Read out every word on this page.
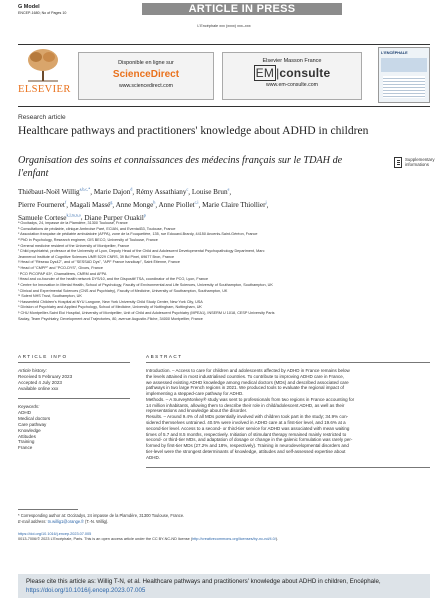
G Model
ENCEP-1680; No of Pages 10	ARTICLE IN PRESS
L'Encéphale xxx (xxxx) xxx–xxx
ELSEVIER
Disponible en ligne sur
ScienceDirect
www.sciencedirect.com
Elsevier Masson France
EM |consulte
www.em-consulte.com
L'ENCÉPHALE
Research article
Healthcare pathways and practitioners' knowledge about ADHD in children
Organisation des soins et connaissances des médecins français sur le TDAH de l'enfant
Supplementary
informations
Thiébaut-Noël Willig$^{a,b,c,*}$, Marie Dajon$^d$, Rémy Assathiany$^c$, Louise Brun$^e$,
Pierre Fourneret$^f$, Magali Massé$^g$, Anne Monge$^h$, Anne Piollet$^{c,i}$, Marie Claire Thiollier$^j$,
Samuele Cortese$^{k,l,m,n,o}$, Diane Purper Ouakil$^p$
ᵃ Occitadys, 24, impasse de la Plamdère, 31300 Toulouse, France
ᵇ Consultations de pédiatrie, clinique Ambroise Paré, ECIAN, and Eventail33, Toulouse, France
ᶜ Association française de pédiatrie ambulatoire (AFPA), zone de la Fouquetière, 135, rue Edouard-Brardy, 44150 Ancenis-Saint-Géréon, France
ᵈ PhD in Psychology, Research engineer, GIS BECO, University of Toulouse, France
ᵉ General medicine resident of the University of Montpellier, France
ᶠ Child psychiatrist, professor at the University of Lyon, Deputy Head of the Child and Adolescent Developmental Psychopathology Department, Marc
Jeannerod Institute of Cognitive Sciences UMR 5229 CNRS, 39 Bd Pinel, 69677 Bron, France
ᵍ Head of "Réseau Dys42", and of "SESSAD Dys", "APF France handicap", Saint Étienne, France
ʰ Head of "CMPP" and "PCO-DYS", Givors, France
ⁱ PCO PICOPAP 63*, Chamalières, CMRM and AFPA
ʲ Head and co-founder of the health network DYS/10, and the Dispositif TSA, coordinator of the PCO, Lyon, France
ᵏ Centre for Innovation in Mental Health, School of Psychology, Faculty of Environmental and Life Sciences, University of Southampton, Southampton, UK
ˡ Clinical and Experimental Sciences (CNS and Psychiatry), Faculty of Medicine, University of Southampton, Southampton, UK
ᵐ Solent NHS Trust, Southampton, UK
ⁿ Hassenfeld Children's Hospital at NYU Langone, New York University Child Study Center, New York City, USA
ᵒ Division of Psychiatry and Applied Psychology, School of Medicine, University of Nottingham, Nottingham, UK
ᵖ CHU Montpellier-Saint Eloi Hospital, University of Montpellier, Unit of Child and Adolescent Psychiatry (MPEA1), INSERM U 1018, CESP University Paris
Saclay, Team Psychiatry, Development and Trajectories, 80, avenue Augustin-Fliche, 34000 Montpellier, France
ARTICLE INFO	ABSTRACT
Article history:
Received 5 February 2023
Accepted 4 July 2023
Available online xxx
Keywords:
ADHD
Medical doctors
Care pathway
Knowledge
Attitudes
Training
France
Introduction. – Access to care for children and adolescents affected by ADHD in France remains below
the levels attained in most industrialised countries. To contribute to improving ADHD care in France,
we assessed existing ADHD knowledge among medical doctors (MDs) and described associated care
pathways in two large French regions in 2021. We produced tools to evaluate the regional impact of
implementing a stepped-care pathway for ADHD.
Methods. – A SurveyMonkey® study was sent to professionals from two regions in France accounting for
14 million inhabitants, allowing them to describe their role in child/adolescent ADHD, as well as their
representations and knowledge about the disorder.
Results. – Around 9.4% of all MDs potentially involved with children took part in the study; 34.9% con-
sidered themselves untrained. 40.5% were involved in ADHD care at a first-tier level, and 19.6% at a
second-tier level. Access to a second- or third-tier service for ADHD was associated with mean waiting
times of 5.7 and 8.5 months, respectively. Initiation of stimulant therapy remained mainly restricted to
second- or third-tier MDs, and adaptation of dosage or change in the galenic formulation was rarely per-
formed by first-tier MDs (27.2% and 18%, respectively). Training in neurodevelopmental disorders and
tier-level were the strongest determinants of knowledge, attitudes and self-assessed expertise about
ADHD.
* Corresponding author at: Occitadys, 24 impasse de la Plamdère, 31300 Toulouse, France.
E-mail address: tn.willig1@orange.fr (T.-N. Willig).
https://doi.org/10.1016/j.encep.2023.07.005
0013-7006/© 2023 L'Encéphale, Paris. This is an open access article under the CC BY-NC-ND license (http://creativecommons.org/licenses/by-nc-nd/4.0/).
Please cite this article as: Willig T-N, et al. Healthcare pathways and practitioners' knowledge about ADHD in children, Encéphale,
https://doi.org/10.1016/j.encep.2023.07.005
